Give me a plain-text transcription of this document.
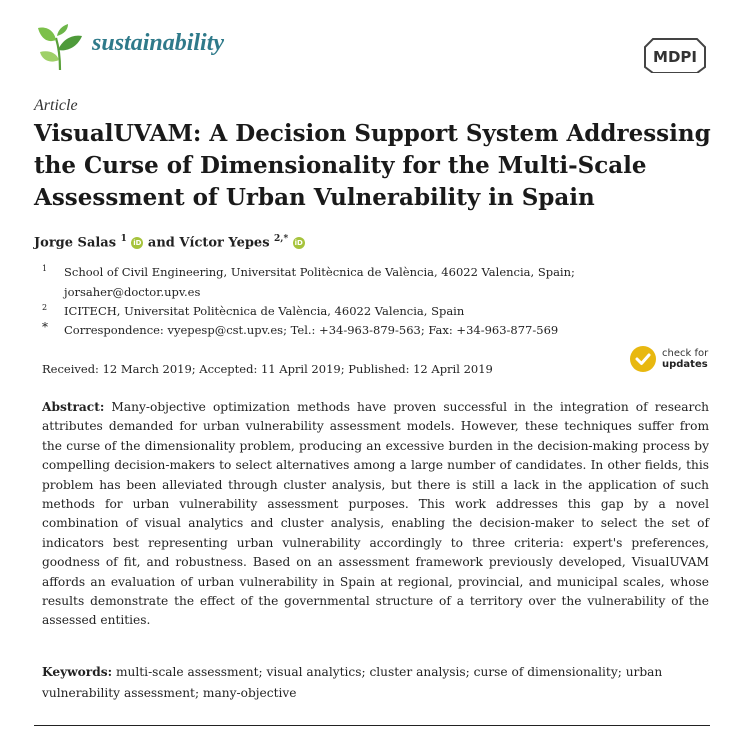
sustainability
MDPI
Article
VisualUVAM: A Decision Support System Addressing the Curse of Dimensionality for the Multi-Scale Assessment of Urban Vulnerability in Spain
Jorge Salas $^1$ iD and Víctor Yepes $^{2,*}$ iD
1 School of Civil Engineering, Universitat Politècnica de València, 46022 Valencia, Spain;
jorsaher@doctor.upv.es
2 ICITECH, Universitat Politècnica de València, 46022 Valencia, Spain
* Correspondence: vyepesp@cst.upv.es; Tel.: +34-963-879-563; Fax: +34-963-877-569
Received: 12 March 2019; Accepted: 11 April 2019; Published: 12 April 2019
check for
updates

Abstract: Many-objective optimization methods have proven successful in the integration of research attributes demanded for urban vulnerability assessment models. However, these techniques suffer from the curse of the dimensionality problem, producing an excessive burden in the decision-making process by compelling decision-makers to select alternatives among a large number of candidates. In other fields, this problem has been alleviated through cluster analysis, but there is still a lack in the application of such methods for urban vulnerability assessment purposes. This work addresses this gap by a novel combination of visual analytics and cluster analysis, enabling the decision-maker to select the set of indicators best representing urban vulnerability accordingly to three criteria: expert's preferences, goodness of fit, and robustness. Based on an assessment framework previously developed, VisualUVAM affords an evaluation of urban vulnerability in Spain at regional, provincial, and municipal scales, whose results demonstrate the effect of the governmental structure of a territory over the vulnerability of the assessed entities.

Keywords: multi-scale assessment; visual analytics; cluster analysis; curse of dimensionality; urban vulnerability assessment; many-objective
